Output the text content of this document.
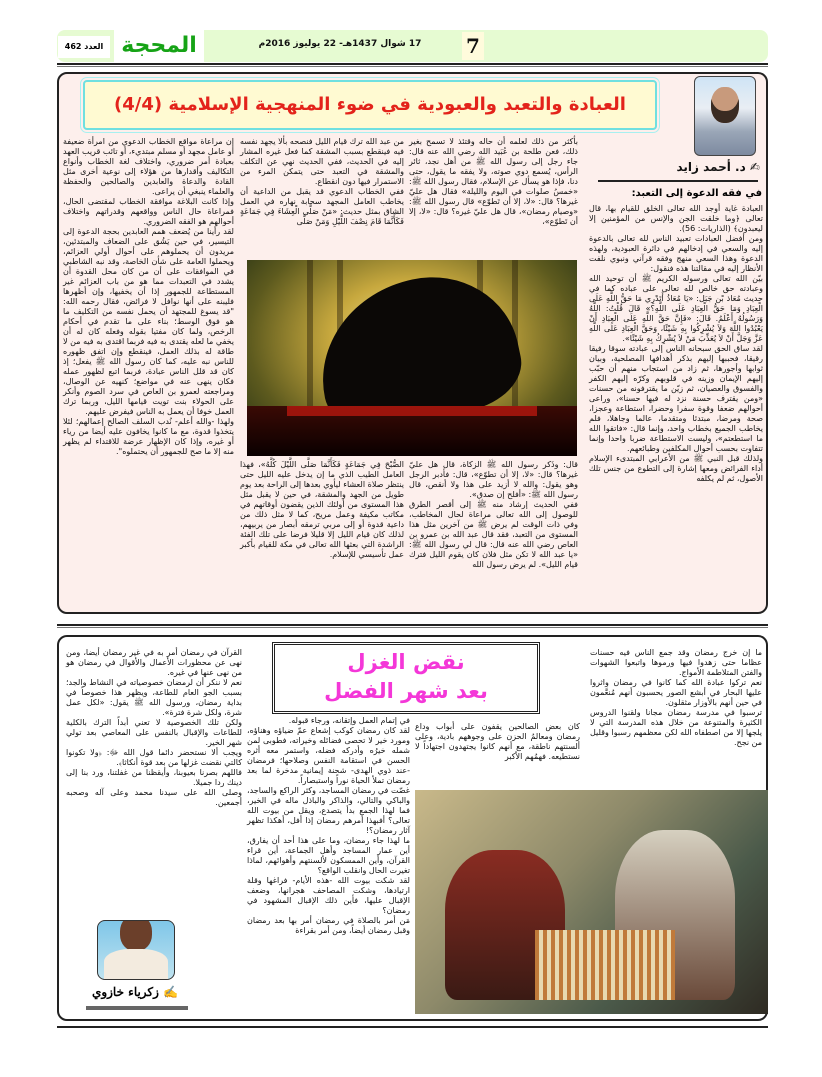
العدد 462 المحجة	17 شوال 1437هـ- 22 يوليوز 2016م	7
العبادة والتعبد والعبودية في ضوء المنهجية الإسلامية (4/4)
✍ د. أحمد زايد
في فقه الدعوة إلى التعبد:

العبادة غاية أوجد الله تعالى الخلق للقيام بها، قال تعالى ﴿وما خلقت الجن والإنس من المؤمنين إلا ليعبدون﴾ (الذاريات: 56).

ومن أفضل العبادات تعبيد الناس لله تعالى بالدعوة إليه والسعي في إدخالهم في دائرة العبودية، ولهذه الدعوة وهذا السعي منهج وفقه قرآني ونبوي نلفت الأنظار إليه في مقالتنا هذه فنقول:

بيّن الله تعالى ورسوله الكريم ﷺ أن توحيد الله وعبادته حق خالص لله تعالى على عباده كما في حديث مُعَاذ بْن جَبَل: «يَا مُعَاذُ أَتَدْرِي مَا حَقُّ اللَّهِ عَلَى الْعِبَادِ وَمَا حَقُّ الْعِبَادِ عَلَى اللَّهِ؟» قَالَ قُلْتُ: اللَّهُ وَرَسُولُهُ أَعْلَمُ. قَالَ: «فَإِنَّ حَقَّ اللَّهِ عَلَى الْعِبَادِ أَنْ يَعْبُدُوا اللَّهَ وَلاَ يُشْرِكُوا بِهِ شَيْئًا، وَحَقَّ الْعِبَادِ عَلَى اللَّهِ عَزَّ وَجَلَّ أَنْ لاَ يُعَذِّبَ مَنْ لاَ يُشْرِكُ بِهِ شَيْئًا».

لقد ساق الحق سبحانه الناس إلى عبادته سوقا رفيقا رقيقا، فحببها إليهم بذكر أهدافها المصلحية، وبيان ثوابها وأجورها، ثم زاد من استجاب منهم أن حبّب إليهم الإيمان وزينه في قلوبهم وكرّه إليهم الكفر والفسوق والعصيان، ثم زيّن ما يقترفونه من حسنات «ومن يقترف حسنة نزد له فيها حسنا»، وراعى أحوالهم ضعفا وقوة سفرا وحضرا، استطاعة وعجزا، صحة ومرضا، مبتدئا ومتقدما، عالما وجاهلا، فلم يخاطب الجميع بخطاب واحد، وإنما قال: «فاتقوا الله ما استطعتم»، وليست الاستطاعة ضربا واحدا وإنما تتفاوت بحسب أحوال المكلفين وطبائعهم.

ولذلك قبل النبي ﷺ من الأعرابي المبتدىء الإسلام أداء الفرائض ومعها إشارة إلى التطوع من جنس تلك الأصول، ثم لم يكلفه

بأكثر من ذلك لعلمه أن حاله وقتئذ لا تسمح بغير ذلك، فعن طلحة بن عُبَيد الله رضي الله عنه قال: جاء رجل إلى رسول الله ﷺ من أهل نجد، ثائر الرأس، يُسمع دوي صوته، ولا يفقه ما يقول، حتى دنا، فإذا هو يسأل عن الإسلام، فقال رسول الله ﷺ: «خمسُ صلوات في اليوم والليلة» فقال هل عليّ غيرها؟ قال: «لا، إلا أن تَطوّع» قال رسول الله ﷺ: «وصيام رمضان»، قال هل عليّ غيره؟ قال: «لا، إلا أن تَطوّع»،

قال: وذَكر رسول الله ﷺ الزكاة، قال هل عليّ غيرها؟ قال: «لا، إلا أن تطوّع»، قال: فأدبر الرجل وهو يقول: والله لا أزيد على هذا ولا أنقص، قال رسول الله ﷺ: «أفلح إن صدق».

ففي الحديث إرشاد منه ﷺ إلى أقصر الطرق للوصول إلى الله تعالى مراعاة لحال المخاطب، وفي ذات الوقت لم يرض ﷺ من آخرين مثل هذا المستوى من التعبد، فقد قال عبد الله بن عمرو بن العاص رضي الله عنه قال: قال لي رسول الله ﷺ: «يا عبد الله لا تكن مثل فلان كان يقوم الليل فترك قيام الليل». لم يرض رسول الله

من عبد الله ترك قيام الليل فنصحه بألا يجهد نفسه فيه فينقطع بسبب المشقة كما فعل غيره المشار إليه في الحديث، ففي الحديث نهي عن التكلف والمشقة في التعبد حتى يتمكن المرء من الاستمرار فيها دون انقطاع.

ففي الخطاب الدعوي قد يقبل من الداعية أن يخاطب العامل المجهد سحابة نهاره في العمل الشاق بمثل حديث: «مَنْ صَلَّى الْعِشَاءَ فِي جَمَاعَةٍ فَكَأَنَّمَا قَامَ نِصْفَ اللَّيْلِ وَمَنْ صَلَّى

الصُّبْحَ فِي جَمَاعَةٍ فَكَأَنَّمَا صَلَّى اللَّيْلَ كُلَّهُ»، فهذا العامل الطيب الذي ما إن يدخل عليه الليل حتى ينتظر صلاة العشاء ليأوي بعدها إلى الراحة بعد يوم طويل من الجهد والمشقة، في حين لا يقبل مثل هذا المستوى من أولئك الذين يقضون أوقاتهم في مكاتب مكيفة وعمل مريح، كما لا مثل ذلك من داعية قدوة أو إلى مربي ترمقه أبصار من يربيهم، لذلك كان قيام الليل إلا قليلا فرضا على تلك الفئة الراشدة التي بعثها الله تعالى في مكة للقيام بأكبر عمل تأسيسي للإسلام.

إن مراعاة مواقع الخطاب الدعوي من امرأة ضعيفة أو عامل مجهد أو مسلم مبتديء، أو تائب قريب العهد بعبادة أمر ضروري، واختلاف لغة الخطاب وأنواع التكاليف وأقدارها من هؤلاء إلى نوعية أخرى مثل القادة والدعاة والعابدين والصالحين والحفظة والعلماء ينبغي أن يراعى.

وإذا كانت البلاغة موافقة الخطاب لمقتضى الحال، فمراعاة حال الناس وواقعهم وقدراتهم واختلاف أحوالهم هو الفقه الضروري.

لقد رأينا من يُضعف همم العابدين بحجة الدعوة إلى التيسير، في حين يَشُق على الضعاف والمبتدئين، مريدون أن يحملوهم على أحوال أولي العزائم، ويحملوا العامة على شأن الخاصة، وقد نبه الشاطبي في الموافقات على أن من كان محل القدوة أن يشدد في التعبدات مما هو من باب العزائم غير المستطاعة للجمهور إذا أن يخفيها، وإن أظهرها فليبنه على أنها نوافل لا فرائض، فقال رحمه الله: "قد يسوغ للمجتهد أن يحمل نفسه من التكليف ما هو فوق الوسط؛ بناء على ما تقدم في أحكام الرخص، ولما كان مفتيا بقوله وفعله كان له أن يخفي ما لعله يقتدى به فيه فربما اقتدى به فيه من لا طاقة له بذلك العمل، فينقطع وإن اتفق ظهوره للناس نبه عليه، كما كان رسول الله ﷺ يفعل؛ إذ كان قد قلل الناس عبادة، فربما اتبع لظهور عمله فكان ينهى عنه في مواضع؛ كنهيه عن الوصال، ومراجعته لعمرو بن العاص في سرد الصوم وأنكر على الحولاء بنت تويت قيامها الليل، وربما ترك العمل خوفا أن يعمل به الناس فيفرض عليهم.

ولهذا -والله أعلم- نُدب السلف الصالح إعمالهم؛ لئلا يتخذوا قدوة، مع ما كانوا يخافون عليه أيضا من رياء أو غيره، وإذا كان الإظهار عرضة للاقتداء لم يظهر منه إلا ما صح للجمهور أن يحتملوه".

نقض الغزل
بعد شهر الفضل

ما إن خرج رمضان وقد جمع الناس فيه حسنات عظاما حتى زهدوا فيها ورموها واتبعوا الشهوات والفتن المتلاطمة الأمواج.

نعم تركوا عبادة الله كما كانوا في رمضان واثروا عليها البحار في أبشع الصور يحسبون أنهم مُنعَّمون في حين أنهم بالأوزار مثقلون.

ترسبوا في مدرسة رمضان مجانا ولقنوا الدروس الكثيرة والمتنوعة من خلال هذه المدرسة التي لا يلجها إلا من اصطفاه الله لكن معظمهم رسبوا وقليل من نجح.

كان بعض الصالحين يقفون على أبواب وداع رمضان ومعالمُ الحزن على وجوههم بادية، وعلى ألسنتهم ناطقة، مع أنهم كانوا يجتهدون اجتهاداً لا نستطيعه. فهمُهم الأكبر

في إتمام العمل وإتقانه، ورجاء قبوله.

لقد كان رمضان كوكب إشعاع عمّ ضياؤه وهناؤه، ومورد خير لا تحصى فضائله وخيراته، فطوبى لمن شمله خيرُه وأدركه فضله، واستمر معه أثره الحسن في استقامة النفس وصلاحها؛ فرمضان -عند ذوي الهدى- شحنة إيمانية مدخرة لما بعد رمضان تملأ الحياة نوراً واستبصاراً.

غصّت في رمضان المساجد، وكثر الراكع والساجد، والباكي والتالي، والذاكر والباذل ماله في الخير، فما لهذا الجمع بدأ يتصدع، ويقل من بيوت الله تعالى؟ أفبهذا أمرهم رمضان إذا أفل، أهكذا تظهر آثار رمضان؟!

ما لهذا جاء رمضان، وما على هذا أحد أن يفارق، أين عمار المساجد وأهل الجماعة، أين قراء القرآن، وأين الممسكون لألسنتهم وأهوائهم، لماذا تغيرت الحال وانقلب الواقع؟

لقد شكت بيوت الله -هذه الأيام- فراغها وقلة ارتيادها، وشكت المصاحف هجرانها، وضعف الإقبال عليها، فأين ذلك الإقبال المشهود في رمضان؟

مَن أمر بالصلاة في رمضان أمر بها بعد رمضان وقبل رمضان أيضاً، ومن أمر بقراءة

القرآن في رمضان أمر به في غير رمضان أيضا، ومن نهى عن محظورات الأعمال والأقوال في رمضان هو من نهى عنها في غيره.

نعم لا ننكر أن لرمضان خصوصياته في النشاط والجد؛ بسبب الجو العام للطاعة، ويظهر هذا خصوصاً في بداية رمضان، ورسول الله ﷺ يقول: «لكل عمل شرة، ولكل شرة فترة».

ولكن تلك الخصوصية لا تعني أبداً الترك بالكلية للطاعات والإقبال بالنفس على المعاصي بعد تولي شهر الخير.

ويجب ألا نستحضر دائما قول الله ﷻ: ﴿ولا تكونوا كالتي نقضت غزلها من بعد قوة أنكاثا﴾.

فاللهم بصرنا بعيوبنا، وأيقظنا من غفلتنا، ورد بنا إلى دينك ردا جميلا.

وصلى الله على سيدنا محمد وعلى آله وصحبه أجمعين.

✍ زكرياء خازوي
